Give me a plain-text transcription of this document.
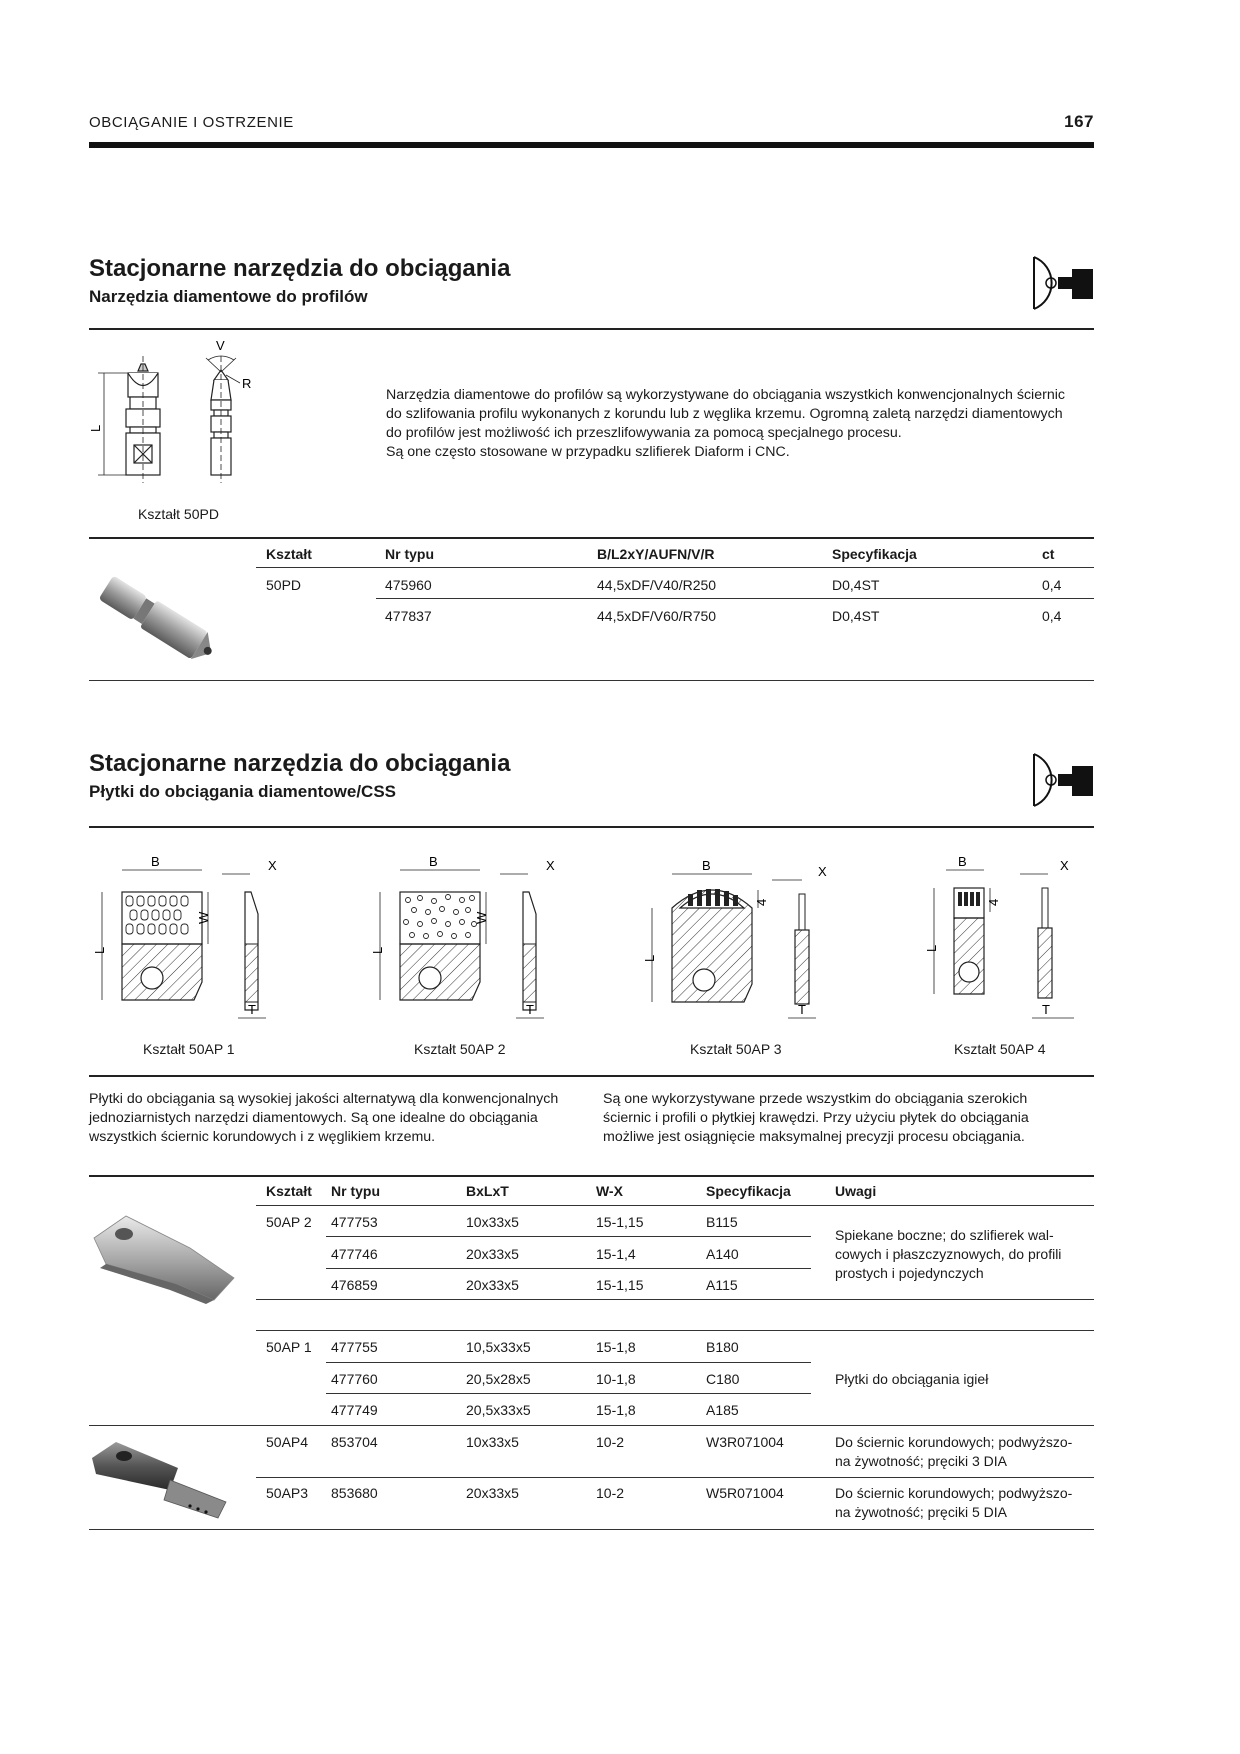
OBCIĄGANIE I OSTRZENIE	167
Stacjonarne narzędzia do obciągania
Narzędzia diamentowe do profilów
L
V
R
Kształt 50PD
Narzędzia diamentowe do profilów są wykorzystywane do obciągania wszystkich konwencjonalnych ściernic
do szlifowania profilu wykonanych z korundu lub z węglika krzemu. Ogromną zaletą narzędzi diamentowych
do profilów jest możliwość ich przeszlifowywania za pomocą specjalnego procesu.
Są one często stosowane w przypadku szlifierek Diaform i CNC.
Kształt	Nr typu	B/L2xY/AUFN/V/R	Specyfikacja	ct
50PD	475960	44,5xDF/V40/R250	D0,4ST	0,4
477837	44,5xDF/V60/R750	D0,4ST	0,4
Stacjonarne narzędzia do obciągania
Płytki do obciągania diamentowe/CSS
B
L
W
X
T
B
L
W
X
T
B
L
4
X
T
B
L
4
X
T
Kształt 50AP 1	Kształt 50AP 2	Kształt 50AP 3	Kształt 50AP 4
Płytki do obciągania są wysokiej jakości alternatywą dla konwencjonalnych
jednoziarnistych narzędzi diamentowych. Są one idealne do obciągania
wszystkich ściernic korundowych i z węglikiem krzemu.
Są one wykorzystywane przede wszystkim do obciągania szerokich
ściernic i profili o płytkiej krawędzi. Przy użyciu płytek do obciągania
możliwe jest osiągnięcie maksymalnej precyzji procesu obciągania.
Kształt Nr typu	BxLxT	W-X	Specyfikacja	Uwagi
50AP 2 477753	10x33x5	15-1,15	B115
477746	20x33x5	15-1,4	A140
476859	20x33x5	15-1,15	A115
Spiekane boczne; do szlifierek wal-
cowych i płaszczyznowych, do profili
prostych i pojedynczych
50AP 1 477755	10,5x33x5	15-1,8	B180
477760	20,5x28x5	10-1,8	C180	Płytki do obciągania igieł
477749	20,5x33x5	15-1,8	A185
50AP4 853704	10x33x5	10-2	W3R071004	Do ściernic korundowych; podwyższo-
na żywotność; pręciki 3 DIA
50AP3 853680	20x33x5	10-2	W5R071004	Do ściernic korundowych; podwyższo-
na żywotność; pręciki 5 DIA
